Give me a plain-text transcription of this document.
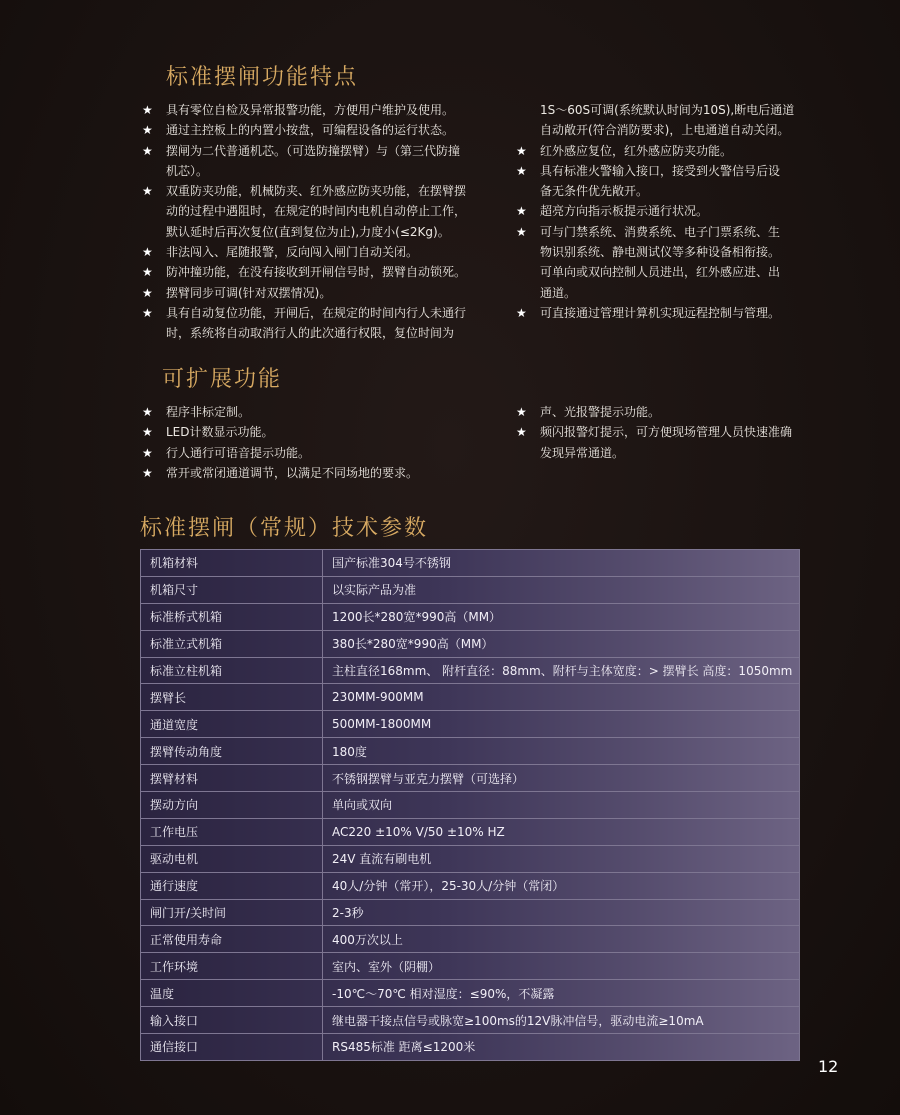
标准摆闸功能特点
★ 具有零位自检及异常报警功能，方便用户维护及使用。
★ 通过主控板上的内置小按盘，可编程设备的运行状态。
★ 摆闸为二代普通机芯。（可选防撞摆臂）与（第三代防撞
机芯）。
★ 双重防夹功能，机械防夹、红外感应防夹功能，在摆臂摆
动的过程中遇阻时，在规定的时间内电机自动停止工作，
默认延时后再次复位(直到复位为止),力度小(≤2Kg)。
★ 非法闯入、尾随报警，反向闯入闸门自动关闭。
★ 防冲撞功能，在没有接收到开闸信号时，摆臂自动锁死。
★ 摆臂同步可调(针对双摆情况)。
★ 具有自动复位功能，开闸后，在规定的时间内行人未通行
时，系统将自动取消行人的此次通行权限，复位时间为
1S～60S可调(系统默认时间为10S),断电后通道
自动敞开(符合消防要求)，上电通道自动关闭。
★ 红外感应复位，红外感应防夹功能。
★ 具有标准火警输入接口，接受到火警信号后设
备无条件优先敞开。
★ 超亮方向指示板提示通行状况。
★ 可与门禁系统、消费系统、电子门票系统、生
物识别系统、静电测试仪等多种设备相衔接。
可单向或双向控制人员进出，红外感应进、出
通道。
★ 可直接通过管理计算机实现远程控制与管理。
可扩展功能
★ 程序非标定制。
★ LED计数显示功能。
★ 行人通行可语音提示功能。
★ 常开或常闭通道调节，以满足不同场地的要求。
★ 声、光报警提示功能。
★ 频闪报警灯提示，可方便现场管理人员快速准确
发现异常通道。
标准摆闸（常规）技术参数
机箱材料	国产标准304号不锈钢
机箱尺寸	以实际产品为准
标准桥式机箱	1200长*280宽*990高（MM）
标准立式机箱	380长*280宽*990高（MM）
标准立柱机箱	主柱直径168mm、 附杆直径：88mm、附杆与主体宽度：> 摆臂长 高度：1050mm
摆臂长	230MM-900MM
通道宽度	500MM-1800MM
摆臂传动角度	180度
摆臂材料	不锈钢摆臂与亚克力摆臂（可选择）
摆动方向	单向或双向
工作电压	AC220 ±10% V/50 ±10% HZ
驱动电机	24V 直流有刷电机
通行速度	40人/分钟（常开），25-30人/分钟（常闭）
闸门开/关时间	2-3秒
正常使用寿命	400万次以上
工作环境	室内、室外（阴棚）
温度	-10℃～70℃ 相对湿度：≤90%，不凝露
输入接口	继电器干接点信号或脉宽≥100ms的12V脉冲信号，驱动电流≥10mA
通信接口	RS485标准 距离≤1200米
12
